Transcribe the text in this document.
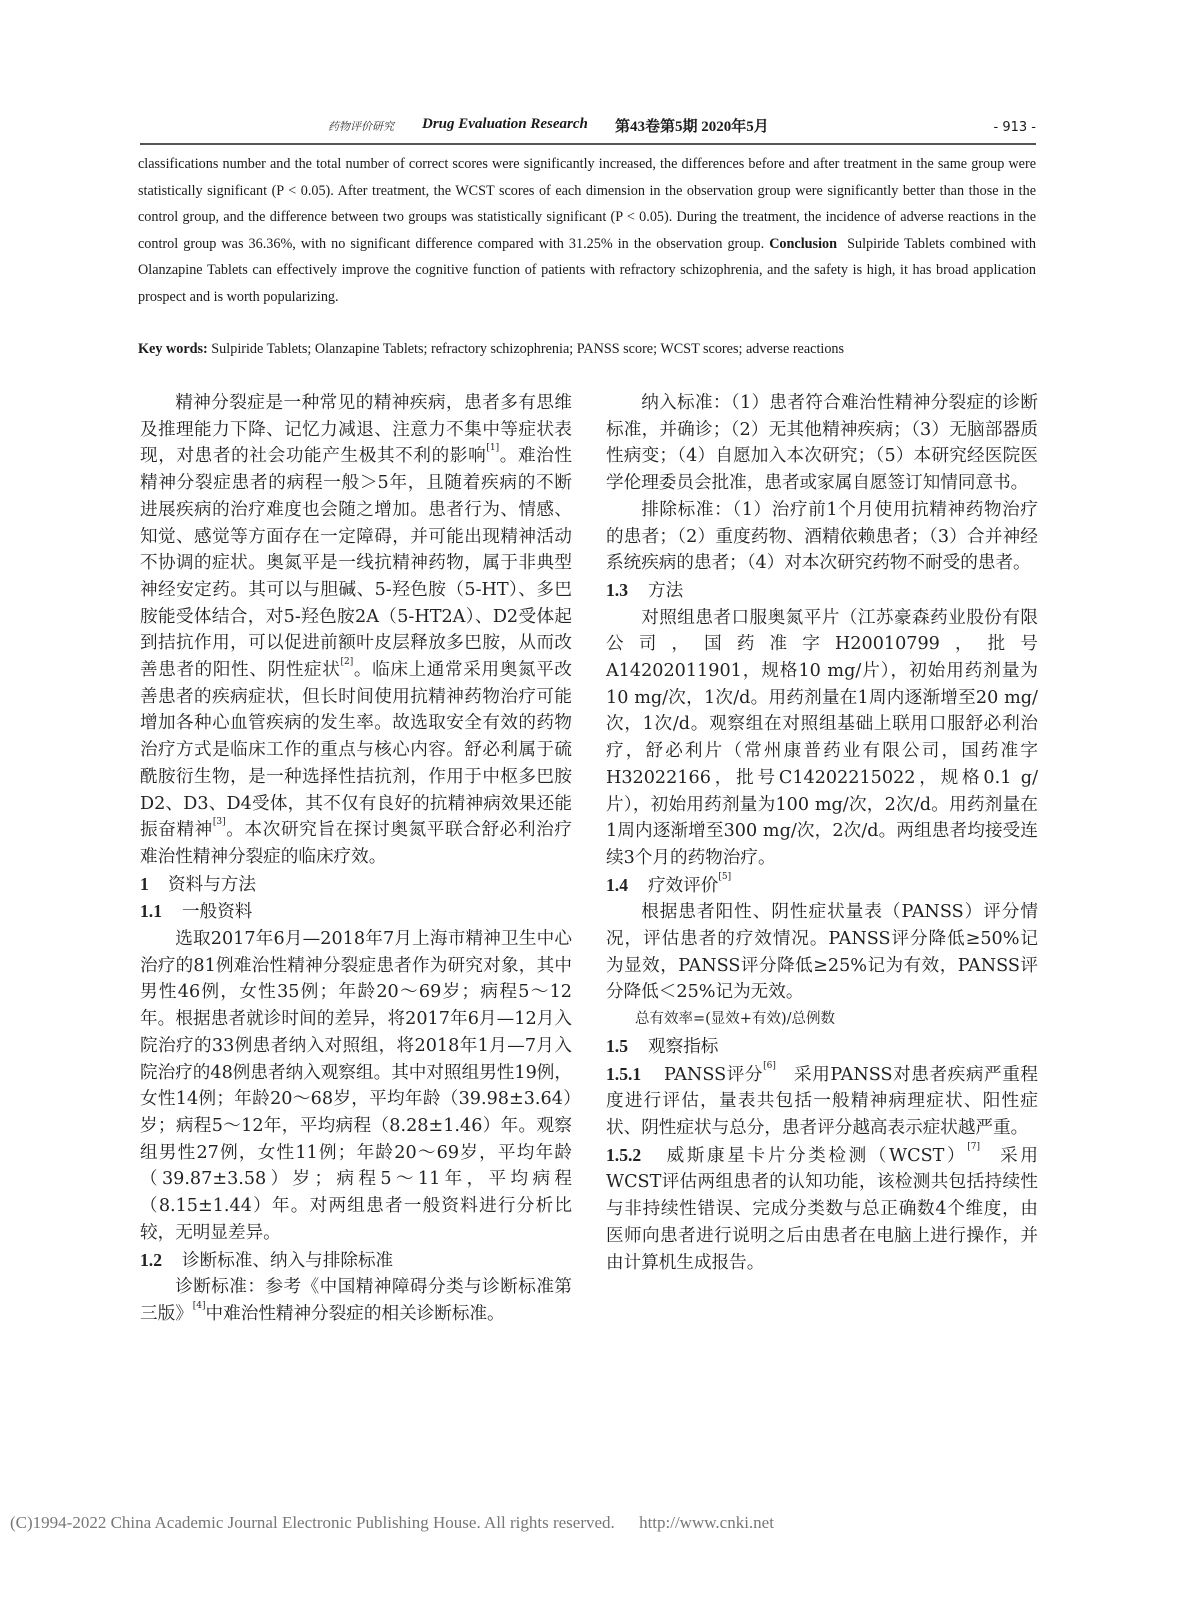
药物评价研究 Drug Evaluation Research 第43卷第5期 2020年5月	- 913 -

classifications number and the total number of correct scores were significantly increased, the differences before and after treatment in the same group were statistically significant (P < 0.05). After treatment, the WCST scores of each dimension in the observation group were significantly better than those in the control group, and the difference between two groups was statistically significant (P < 0.05). During the treatment, the incidence of adverse reactions in the control group was 36.36%, with no significant difference compared with 31.25% in the observation group. Conclusion Sulpiride Tablets combined with Olanzapine Tablets can effectively improve the cognitive function of patients with refractory schizophrenia, and the safety is high, it has broad application prospect and is worth popularizing.

Key words: Sulpiride Tablets; Olanzapine Tablets; refractory schizophrenia; PANSS score; WCST scores; adverse reactions

精神分裂症是一种常见的精神疾病，患者多有思维及推理能力下降、记忆力减退、注意力不集中等症状表现，对患者的社会功能产生极其不利的影响[1]。难治性精神分裂症患者的病程一般＞5年，且随着疾病的不断进展疾病的治疗难度也会随之增加。患者行为、情感、知觉、感觉等方面存在一定障碍，并可能出现精神活动不协调的症状。奥氮平是一线抗精神药物，属于非典型神经安定药。其可以与胆碱、5-羟色胺（5-HT）、多巴胺能受体结合，对5-羟色胺2A（5-HT2A）、D2受体起到拮抗作用，可以促进前额叶皮层释放多巴胺，从而改善患者的阳性、阴性症状[2]。临床上通常采用奥氮平改善患者的疾病症状，但长时间使用抗精神药物治疗可能增加各种心血管疾病的发生率。故选取安全有效的药物治疗方式是临床工作的重点与核心内容。舒必利属于硫酰胺衍生物，是一种选择性拮抗剂，作用于中枢多巴胺D2、D3、D4受体，其不仅有良好的抗精神病效果还能振奋精神[3]。本次研究旨在探讨奥氮平联合舒必利治疗难治性精神分裂症的临床疗效。

1 资料与方法

1.1 一般资料

选取2017年6月—2018年7月上海市精神卫生中心治疗的81例难治性精神分裂症患者作为研究对象，其中男性46例，女性35例；年龄20～69岁；病程5～12年。根据患者就诊时间的差异，将2017年6月—12月入院治疗的33例患者纳入对照组，将2018年1月—7月入院治疗的48例患者纳入观察组。其中对照组男性19例，女性14例；年龄20～68岁，平均年龄（39.98±3.64）岁；病程5～12年，平均病程（8.28±1.46）年。观察组男性27例，女性11例；年龄20～69岁，平均年龄（39.87±3.58）岁；病程5～11年，平均病程（8.15±1.44）年。对两组患者一般资料进行分析比较，无明显差异。

1.2 诊断标准、纳入与排除标准

诊断标准：参考《中国精神障碍分类与诊断标准第三版》[4]中难治性精神分裂症的相关诊断标准。

纳入标准：（1）患者符合难治性精神分裂症的诊断标准，并确诊；（2）无其他精神疾病；（3）无脑部器质性病变；（4）自愿加入本次研究；（5）本研究经医院医学伦理委员会批准，患者或家属自愿签订知情同意书。

排除标准：（1）治疗前1个月使用抗精神药物治疗的患者；（2）重度药物、酒精依赖患者；（3）合并神经系统疾病的患者；（4）对本次研究药物不耐受的患者。

1.3 方法

对照组患者口服奥氮平片（江苏豪森药业股份有限公司，国药准字H20010799，批号A14202011901，规格10 mg/片），初始用药剂量为10 mg/次，1次/d。用药剂量在1周内逐渐增至20 mg/次，1次/d。观察组在对照组基础上联用口服舒必利治疗，舒必利片（常州康普药业有限公司，国药准字H32022166，批号C14202215022，规格0.1 g/片），初始用药剂量为100 mg/次，2次/d。用药剂量在1周内逐渐增至300 mg/次，2次/d。两组患者均接受连续3个月的药物治疗。

1.4 疗效评价[5]

根据患者阳性、阴性症状量表（PANSS）评分情况，评估患者的疗效情况。PANSS评分降低≥50%记为显效，PANSS评分降低≥25%记为有效，PANSS评分降低＜25%记为无效。

总有效率=(显效+有效)/总例数

1.5 观察指标

1.5.1 PANSS评分[6]  采用PANSS对患者疾病严重程度进行评估，量表共包括一般精神病理症状、阳性症状、阴性症状与总分，患者评分越高表示症状越严重。

1.5.2 威斯康星卡片分类检测（WCST）[7]  采用WCST评估两组患者的认知功能，该检测共包括持续性与非持续性错误、完成分类数与总正确数4个维度，由医师向患者进行说明之后由患者在电脑上进行操作，并由计算机生成报告。

(C)1994-2022 China Academic Journal Electronic Publishing House. All rights reserved. http://www.cnki.net
